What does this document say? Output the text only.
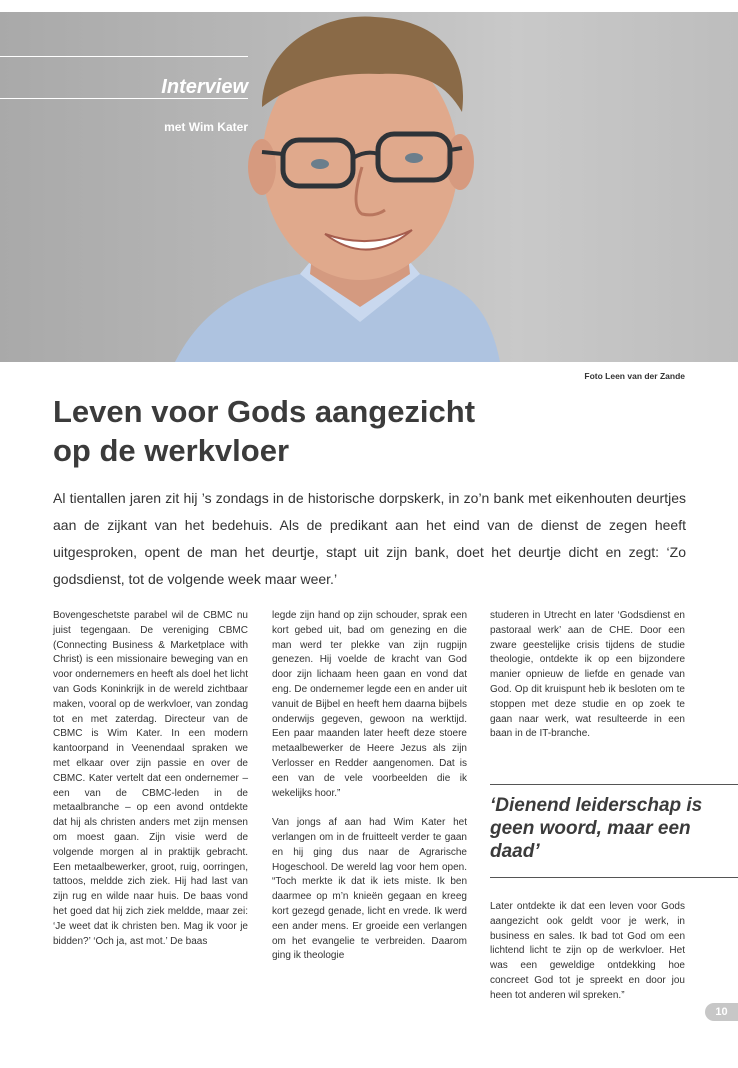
Interview
met Wim Kater
Foto Leen van der Zande
Leven voor Gods aangezicht
op de werkvloer

Al tientallen jaren zit hij ’s zondags in de historische dorpskerk, in zo’n bank met eikenhouten deurtjes aan de zijkant van het bedehuis. Als de predikant aan het eind van de dienst de zegen heeft uitgesproken, opent de man het deurtje, stapt uit zijn bank, doet het deurtje dicht en zegt: ‘Zo godsdienst, tot de volgende week maar weer.’

Bovengeschetste parabel wil de CBMC nu juist tegengaan. De vereniging CBMC (Connecting Business & Marketplace with Christ) is een missionaire beweging van en voor ondernemers en heeft als doel het licht van Gods Koninkrijk in de wereld zichtbaar maken, vooral op de werkvloer, van zondag tot en met zaterdag. Directeur van de CBMC is Wim Kater. In een modern kantoorpand in Veenendaal spraken we met elkaar over zijn passie en over de CBMC. Kater vertelt dat een ondernemer – een van de CBMC-leden in de metaalbranche – op een avond ontdekte dat hij als christen anders met zijn mensen om moest gaan. Zijn visie werd de volgende morgen al in praktijk gebracht. Een metaalbewerker, groot, ruig, oorringen, tattoos, meldde zich ziek. Hij had last van zijn rug en wilde naar huis. De baas vond het goed dat hij zich ziek meldde, maar zei: ‘Je weet dat ik christen ben. Mag ik voor je bidden?’ ‘Och ja, ast mot.’ De baas

legde zijn hand op zijn schouder, sprak een kort gebed uit, bad om genezing en die man werd ter plekke van zijn rugpijn genezen. Hij voelde de kracht van God door zijn lichaam heen gaan en vond dat eng. De ondernemer legde een en ander uit vanuit de Bijbel en heeft hem daarna bijbels onderwijs gegeven, gewoon na werktijd. Een paar maanden later heeft deze stoere metaalbewerker de Heere Jezus als zijn Verlosser en Redder aangenomen. Dat is een van de vele voorbeelden die ik wekelijks hoor.”

Van jongs af aan had Wim Kater het verlangen om in de fruitteelt verder te gaan en hij ging dus naar de Agrarische Hogeschool. De wereld lag voor hem open. “Toch merkte ik dat ik iets miste. Ik ben daarmee op m’n knieën gegaan en kreeg kort gezegd genade, licht en vrede. Ik werd een ander mens. Er groeide een verlangen om het evangelie te verbreiden. Daarom ging ik theologie

studeren in Utrecht en later ‘Godsdienst en pastoraal werk’ aan de CHE. Door een zware geestelijke crisis tijdens de studie theologie, ontdekte ik op een bijzondere manier opnieuw de liefde en genade van God. Op dit kruispunt heb ik besloten om te stoppen met deze studie en op zoek te gaan naar werk, wat resulteerde in een baan in de IT-branche.

‘Dienend leiderschap is geen woord, maar een daad’

Later ontdekte ik dat een leven voor Gods aangezicht ook geldt voor je werk, in business en sales. Ik bad tot God om een lichtend licht te zijn op de werkvloer. Het was een geweldige ontdekking hoe concreet God tot je spreekt en door jou heen tot anderen wil spreken.”

10
